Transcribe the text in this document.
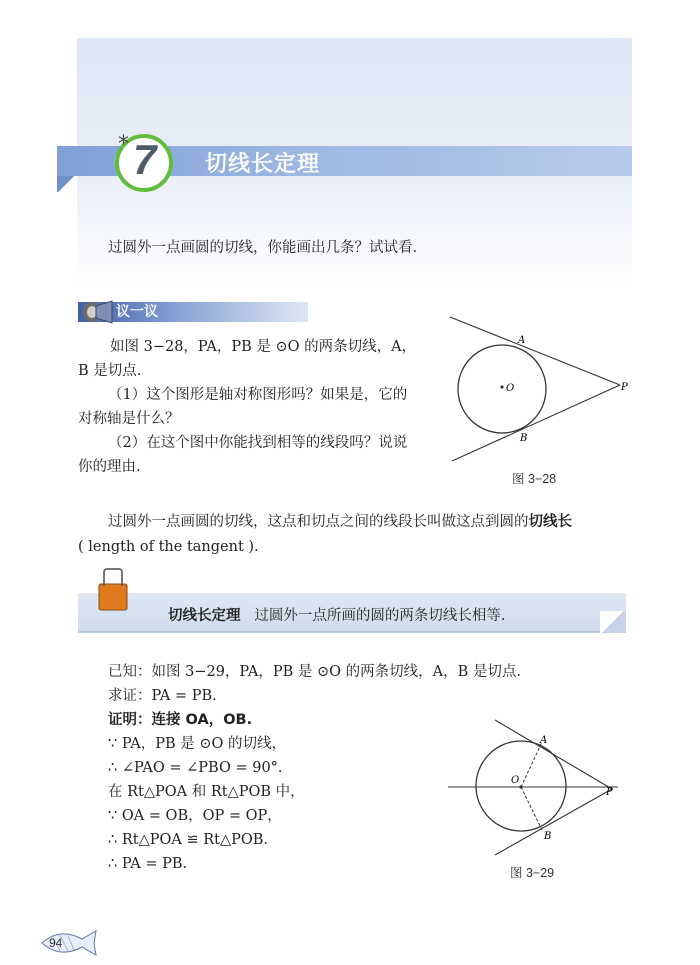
* 7 切线长定理

过圆外一点画圆的切线，你能画出几条？试试看.

议一议

如图 3−28，PA，PB 是 ⊙O 的两条切线，A，

B 是切点.

（1）这个图形是轴对称图形吗？如果是，它的

对称轴是什么？

（2）在这个图中你能找到相等的线段吗？说说

你的理由.

O
A
B
P
图 3−28

过圆外一点画圆的切线，这点和切点之间的线段长叫做这点到圆的切线长

( length of the tangent ).

切线长定理 过圆外一点所画的圆的两条切线长相等.

已知：如图 3−29，PA，PB 是 ⊙O 的两条切线，A，B 是切点.

求证：PA = PB.

证明：连接 OA，OB.

∵ PA，PB 是 ⊙O 的切线，

∴ ∠PAO = ∠PBO = 90°.

在 Rt△POA 和 Rt△POB 中，

∵ OA = OB，OP = OP，

∴ Rt△POA ≌ Rt△POB.

∴ PA = PB.

O
A
B
P
图 3−29
94
